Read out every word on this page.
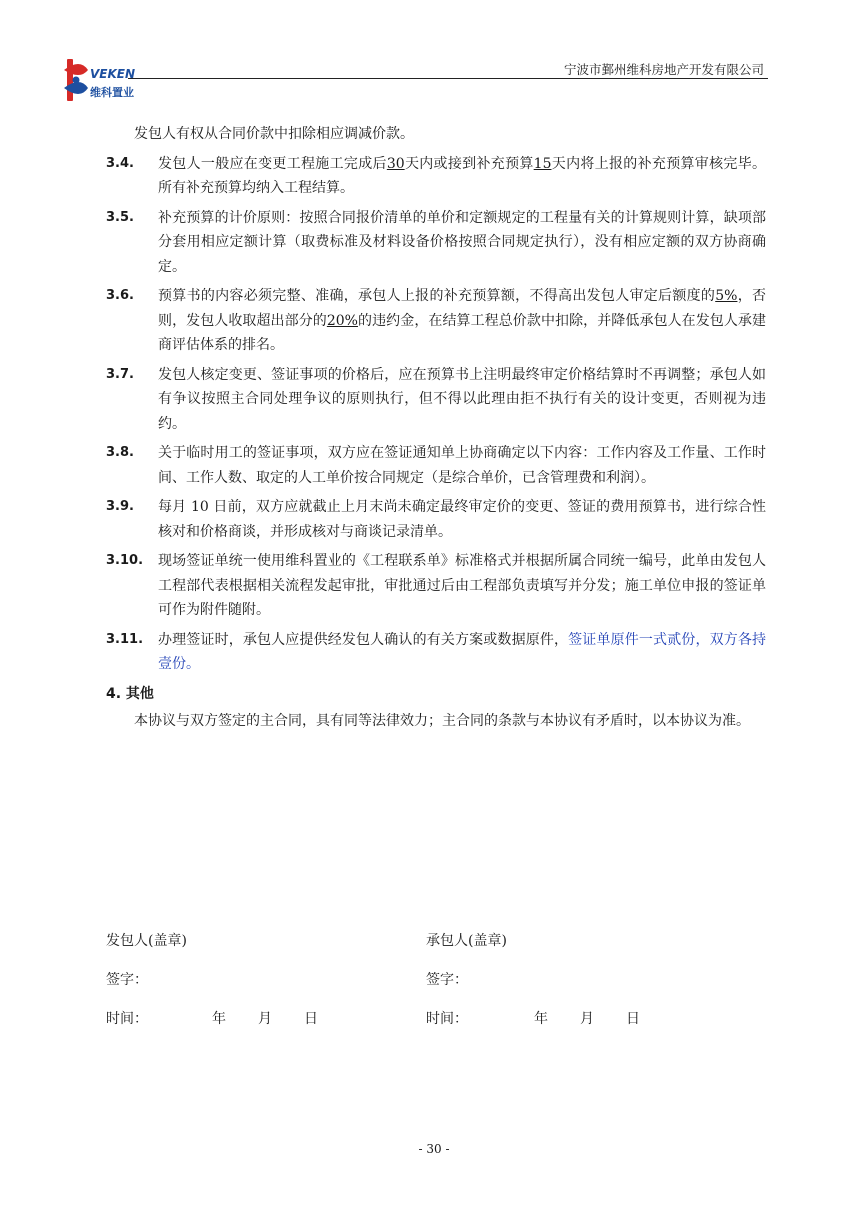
VEKEN
维科置业
宁波市鄞州维科房地产开发有限公司

发包人有权从合同价款中扣除相应调减价款。

3.4. 发包人一般应在变更工程施工完成后30天内或接到补充预算15天内将上报的补充预算审核完毕。所有补充预算均纳入工程结算。
3.5. 补充预算的计价原则：按照合同报价清单的单价和定额规定的工程量有关的计算规则计算，缺项部分套用相应定额计算（取费标准及材料设备价格按照合同规定执行），没有相应定额的双方协商确定。
3.6. 预算书的内容必须完整、准确，承包人上报的补充预算额，不得高出发包人审定后额度的5%，否则，发包人收取超出部分的20%的违约金，在结算工程总价款中扣除，并降低承包人在发包人承建商评估体系的排名。
3.7. 发包人核定变更、签证事项的价格后，应在预算书上注明最终审定价格结算时不再调整；承包人如有争议按照主合同处理争议的原则执行，但不得以此理由拒不执行有关的设计变更，否则视为违约。
3.8. 关于临时用工的签证事项，双方应在签证通知单上协商确定以下内容：工作内容及工作量、工作时间、工作人数、取定的人工单价按合同规定（是综合单价，已含管理费和利润）。
3.9. 每月 10 日前，双方应就截止上月末尚未确定最终审定价的变更、签证的费用预算书，进行综合性核对和价格商谈，并形成核对与商谈记录清单。
3.10. 现场签证单统一使用维科置业的《工程联系单》标准格式并根据所属合同统一编号，此单由发包人工程部代表根据相关流程发起审批，审批通过后由工程部负责填写并分发；施工单位申报的签证单可作为附件随附。
3.11. 办理签证时，承包人应提供经发包人确认的有关方案或数据原件，签证单原件一式贰份，双方各持壹份。
4. 其他

本协议与双方签定的主合同，具有同等法律效力；主合同的条款与本协议有矛盾时，以本协议为准。

发包人(盖章)
签字：
时间：	年 月 日
承包人(盖章)
签字：
时间：	年 月 日
- 30 -
